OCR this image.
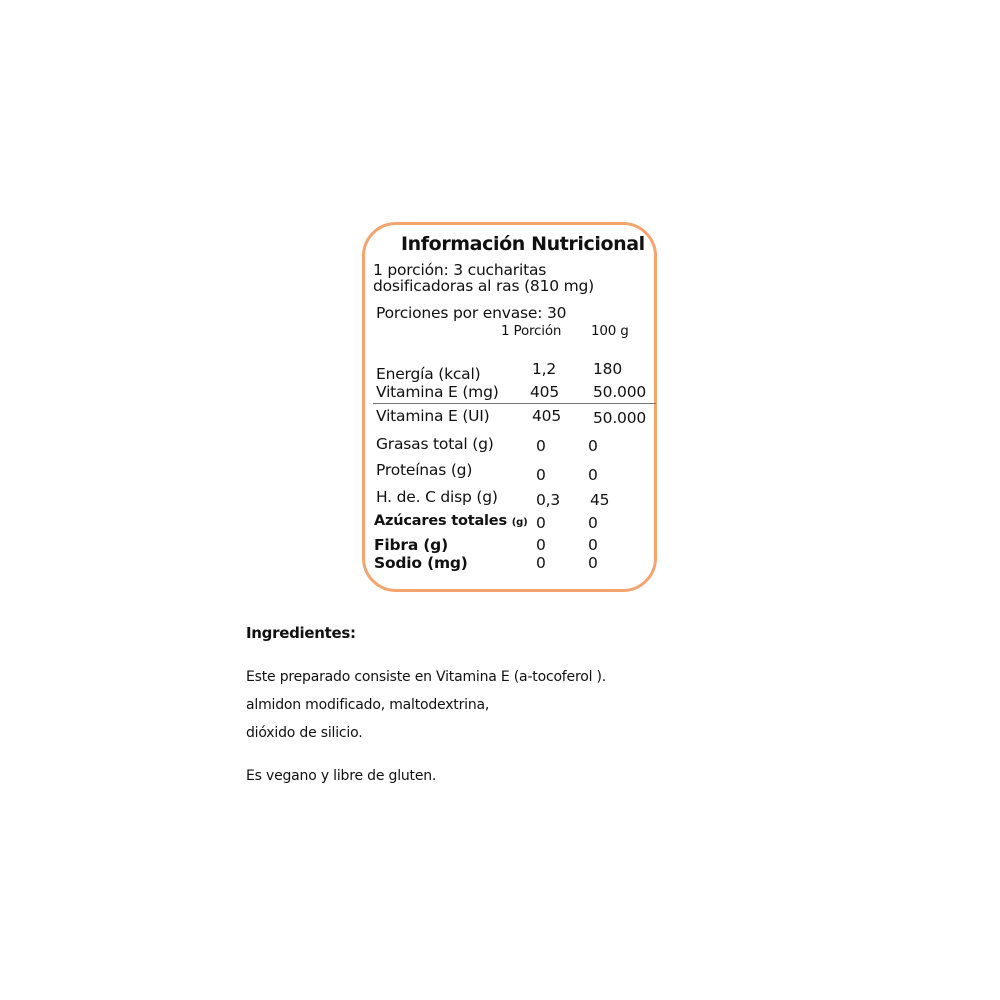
Información Nutricional
1 porción: 3 cucharitas
dosificadoras al ras (810 mg)
Porciones por envase: 30
1 Porción 100 g
Energía (kcal)	1,2 180
Vitamina E (mg) 405 50.000
Vitamina E (UI)	405 50.000
Grasas total (g)	0	0
Proteínas (g)	0	0
H. de. C disp (g) 0,3 45
Azúcares totales (g) 0	0
Fibra (g)	0	0
Sodio (mg)	0	0
Ingredientes:
Este preparado consiste en Vitamina E (a-tocoferol ).
almidon modificado, maltodextrina,
dióxido de silicio.
Es vegano y libre de gluten.
